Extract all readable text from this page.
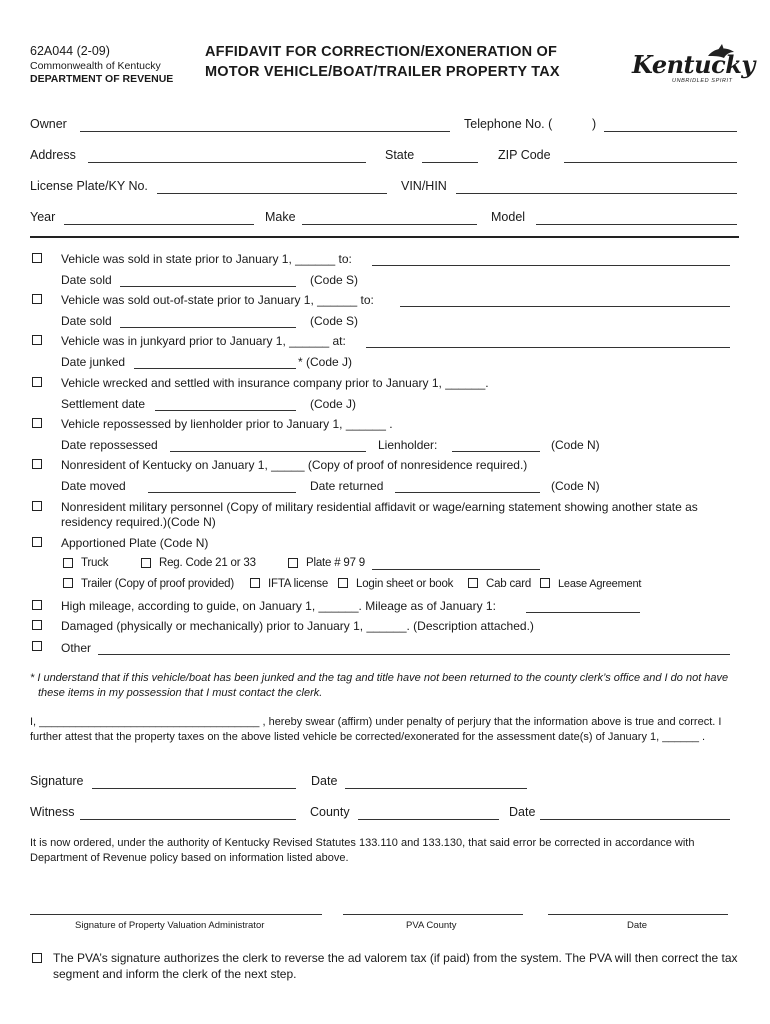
62A044 (2-09)
Commonwealth of Kentucky
DEPARTMENT OF REVENUE
AFFIDAVIT FOR CORRECTION/EXONERATION OF
MOTOR VEHICLE/BOAT/TRAILER PROPERTY TAX	Kentucky
UNBRIDLED SPIRIT
Owner	Telephone No. (	)
Address	State	ZIP Code
License Plate/KY No.	VIN/HIN
Year	Make	Model
Vehicle was sold in state prior to January 1, ______ to:
Date sold	(Code S)
Vehicle was sold out-of-state prior to January 1, ______ to:
Date sold	(Code S)
Vehicle was in junkyard prior to January 1, ______ at:
Date junked	* (Code J)
Vehicle wrecked and settled with insurance company prior to January 1, ______.
Settlement date	(Code J)
Vehicle repossessed by lienholder prior to January 1, ______ .
Date repossessed	Lienholder:	(Code N)
Nonresident of Kentucky on January 1, _____ (Copy of proof of nonresidence required.)
Date moved	Date returned	(Code N)
Nonresident military personnel (Copy of military residential affidavit or wage/earning statement showing another state as
residency required.)(Code N)
Apportioned Plate (Code N)
Truck	Reg. Code 21 or 33	Plate # 97 9
Trailer (Copy of proof provided)	IFTA license Login sheet or book	Cab card Lease Agreement
High mileage, according to guide, on January 1, ______. Mileage as of January 1:
Damaged (physically or mechanically) prior to January 1, ______. (Description attached.)
Other
* I understand that if this vehicle/boat has been junked and the tag and title have not been returned to the county clerk’s office and I do not have these items in my possession that I must contact the clerk.
I, ____________________________________ , hereby swear (affirm) under penalty of perjury that the information above is true and correct. I further attest that the property taxes on the above listed vehicle be corrected/exonerated for the assessment date(s) of January 1, ______ .
Signature	Date
Witness	County	Date
It is now ordered, under the authority of Kentucky Revised Statutes 133.110 and 133.130, that said error be corrected in accordance with Department of Revenue policy based on information listed above.
Signature of Property Valuation Administrator	PVA County	Date
The PVA’s signature authorizes the clerk to reverse the ad valorem tax (if paid) from the system. The PVA will then correct the tax segment and inform the clerk of the next step.
